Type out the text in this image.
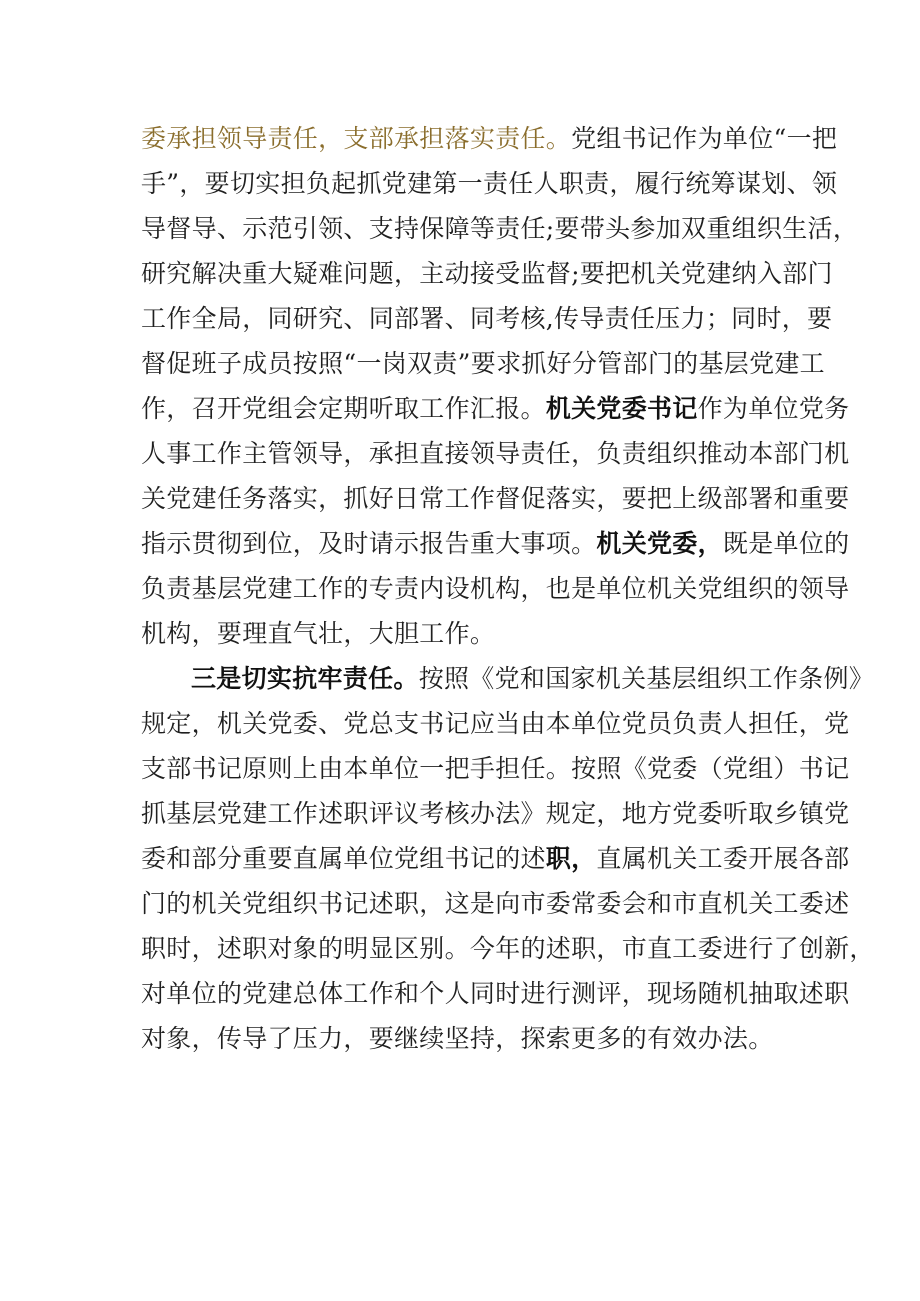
委承担领导责任，支部承担落实责任。党组书记作为单位“一把
手”，要切实担负起抓党建第一责任人职责，履行统筹谋划、领
导督导、示范引领、支持保障等责任;要带头参加双重组织生活，
研究解决重大疑难问题，主动接受监督;要把机关党建纳入部门
工作全局，同研究、同部署、同考核,传导责任压力；同时，要
督促班子成员按照“一岗双责”要求抓好分管部门的基层党建工
作，召开党组会定期听取工作汇报。机关党委书记作为单位党务
人事工作主管领导，承担直接领导责任，负责组织推动本部门机
关党建任务落实，抓好日常工作督促落实，要把上级部署和重要
指示贯彻到位，及时请示报告重大事项。机关党委，既是单位的
负责基层党建工作的专责内设机构，也是单位机关党组织的领导
机构，要理直气壮，大胆工作。
三是切实抗牢责任。按照《党和国家机关基层组织工作条例》
规定，机关党委、党总支书记应当由本单位党员负责人担任，党
支部书记原则上由本单位一把手担任。按照《党委（党组）书记
抓基层党建工作述职评议考核办法》规定，地方党委听取乡镇党
委和部分重要直属单位党组书记的述职，直属机关工委开展各部
门的机关党组织书记述职，这是向市委常委会和市直机关工委述
职时，述职对象的明显区别。今年的述职，市直工委进行了创新，
对单位的党建总体工作和个人同时进行测评，现场随机抽取述职
对象，传导了压力，要继续坚持，探索更多的有效办法。
